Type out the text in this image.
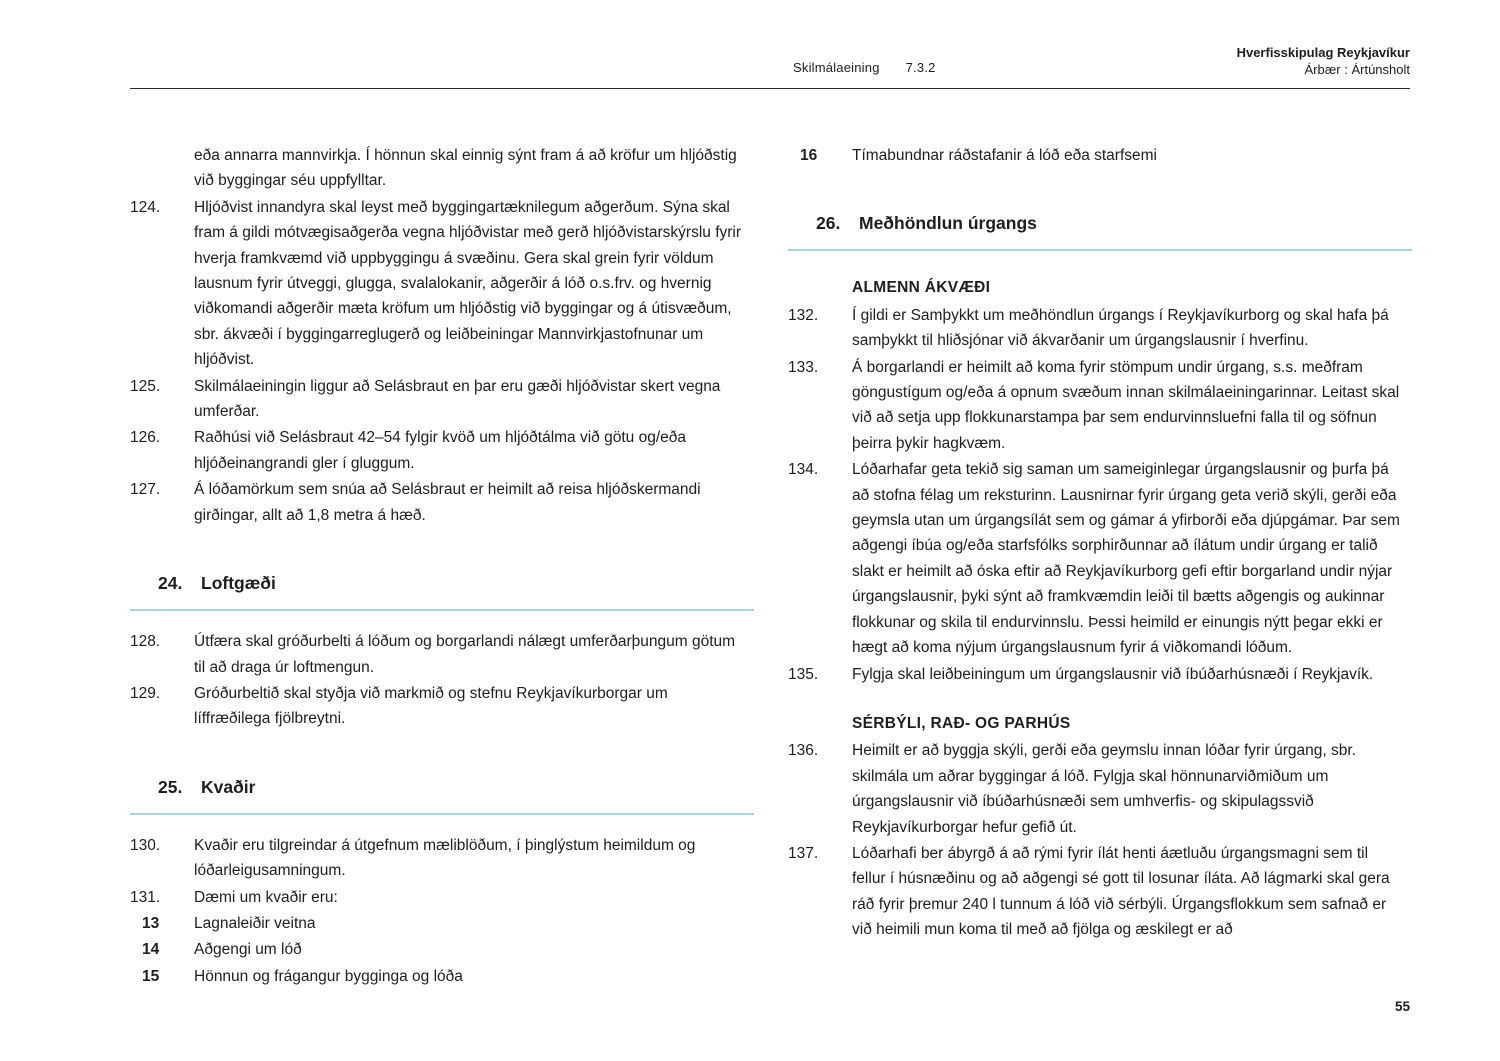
Skilmálaeining 7.3.2
Hverfisskipulag Reykjavíkur
Árbær : Ártúnsholt
eða annarra mannvirkja. Í hönnun skal einnig sýnt fram á að kröfur um hljóðstig við byggingar séu uppfylltar.
124.	Hljóðvist innandyra skal leyst með byggingartæknilegum aðgerðum. Sýna skal fram á gildi mótvægisaðgerða vegna hljóðvistar með gerð hljóðvistarskýrslu fyrir hverja framkvæmd við uppbyggingu á svæðinu. Gera skal grein fyrir völdum lausnum fyrir útveggi, glugga, svalalokanir, aðgerðir á lóð o.s.frv. og hvernig viðkomandi aðgerðir mæta kröfum um hljóðstig við byggingar og á útisvæðum, sbr. ákvæði í byggingarreglugerð og leiðbeiningar Mannvirkjastofnunar um hljóðvist.
125.	Skilmálaeiningin liggur að Selásbraut en þar eru gæði hljóðvistar skert vegna umferðar.
126.	Raðhúsi við Selásbraut 42–54 fylgir kvöð um hljóðtálma við götu og/eða hljóðeinangrandi gler í gluggum.
127.	Á lóðamörkum sem snúa að Selásbraut er heimilt að reisa hljóðskermandi girðingar, allt að 1,8 metra á hæð.
24. Loftgæði
128.	Útfæra skal gróðurbelti á lóðum og borgarlandi nálægt umferðarþungum götum til að draga úr loftmengun.
129.	Gróðurbeltið skal styðja við markmið og stefnu Reykjavíkurborgar um líffræðilega fjölbreytni.
25. Kvaðir
130.	Kvaðir eru tilgreindar á útgefnum mæliblöðum, í þinglýstum heimildum og lóðarleigusamningum.
131.	Dæmi um kvaðir eru:
13	Lagnaleiðir veitna
14	Aðgengi um lóð
15	Hönnun og frágangur bygginga og lóða
16	Tímabundnar ráðstafanir á lóð eða starfsemi
26. Meðhöndlun úrgangs
ALMENN ÁKVÆÐI
132.	Í gildi er Samþykkt um meðhöndlun úrgangs í Reykjavíkurborg og skal hafa þá samþykkt til hliðsjónar við ákvarðanir um úrgangslausnir í hverfinu.
133.	Á borgarlandi er heimilt að koma fyrir stömpum undir úrgang, s.s. meðfram göngustígum og/eða á opnum svæðum innan skilmálaeiningarinnar. Leitast skal við að setja upp flokkunarstampa þar sem endurvinnsluefni falla til og söfnun þeirra þykir hagkvæm.
134.	Lóðarhafar geta tekið sig saman um sameiginlegar úrgangslausnir og þurfa þá að stofna félag um reksturinn. Lausnirnar fyrir úrgang geta verið skýli, gerði eða geymsla utan um úrgangsílát sem og gámar á yfirborði eða djúpgámar. Þar sem aðgengi íbúa og/eða starfsfólks sorphirðunnar að ílátum undir úrgang er talið slakt er heimilt að óska eftir að Reykjavíkurborg gefi eftir borgarland undir nýjar úrgangslausnir, þyki sýnt að framkvæmdin leiði til bætts aðgengis og aukinnar flokkunar og skila til endurvinnslu. Þessi heimild er einungis nýtt þegar ekki er hægt að koma nýjum úrgangslausnum fyrir á viðkomandi lóðum.
135.	Fylgja skal leiðbeiningum um úrgangslausnir við íbúðarhúsnæði í Reykjavík.
SÉRBÝLI, RAÐ- OG PARHÚS
136.	Heimilt er að byggja skýli, gerði eða geymslu innan lóðar fyrir úrgang, sbr. skilmála um aðrar byggingar á lóð. Fylgja skal hönnunarviðmiðum um úrgangslausnir við íbúðarhúsnæði sem umhverfis- og skipulagssvið Reykjavíkurborgar hefur gefið út.
137.	Lóðarhafi ber ábyrgð á að rými fyrir ílát henti áætluðu úrgangsmagni sem til fellur í húsnæðinu og að aðgengi sé gott til losunar íláta. Að lágmarki skal gera ráð fyrir þremur 240 l tunnum á lóð við sérbýli. Úrgangsflokkum sem safnað er við heimili mun koma til með að fjölga og æskilegt er að
55
